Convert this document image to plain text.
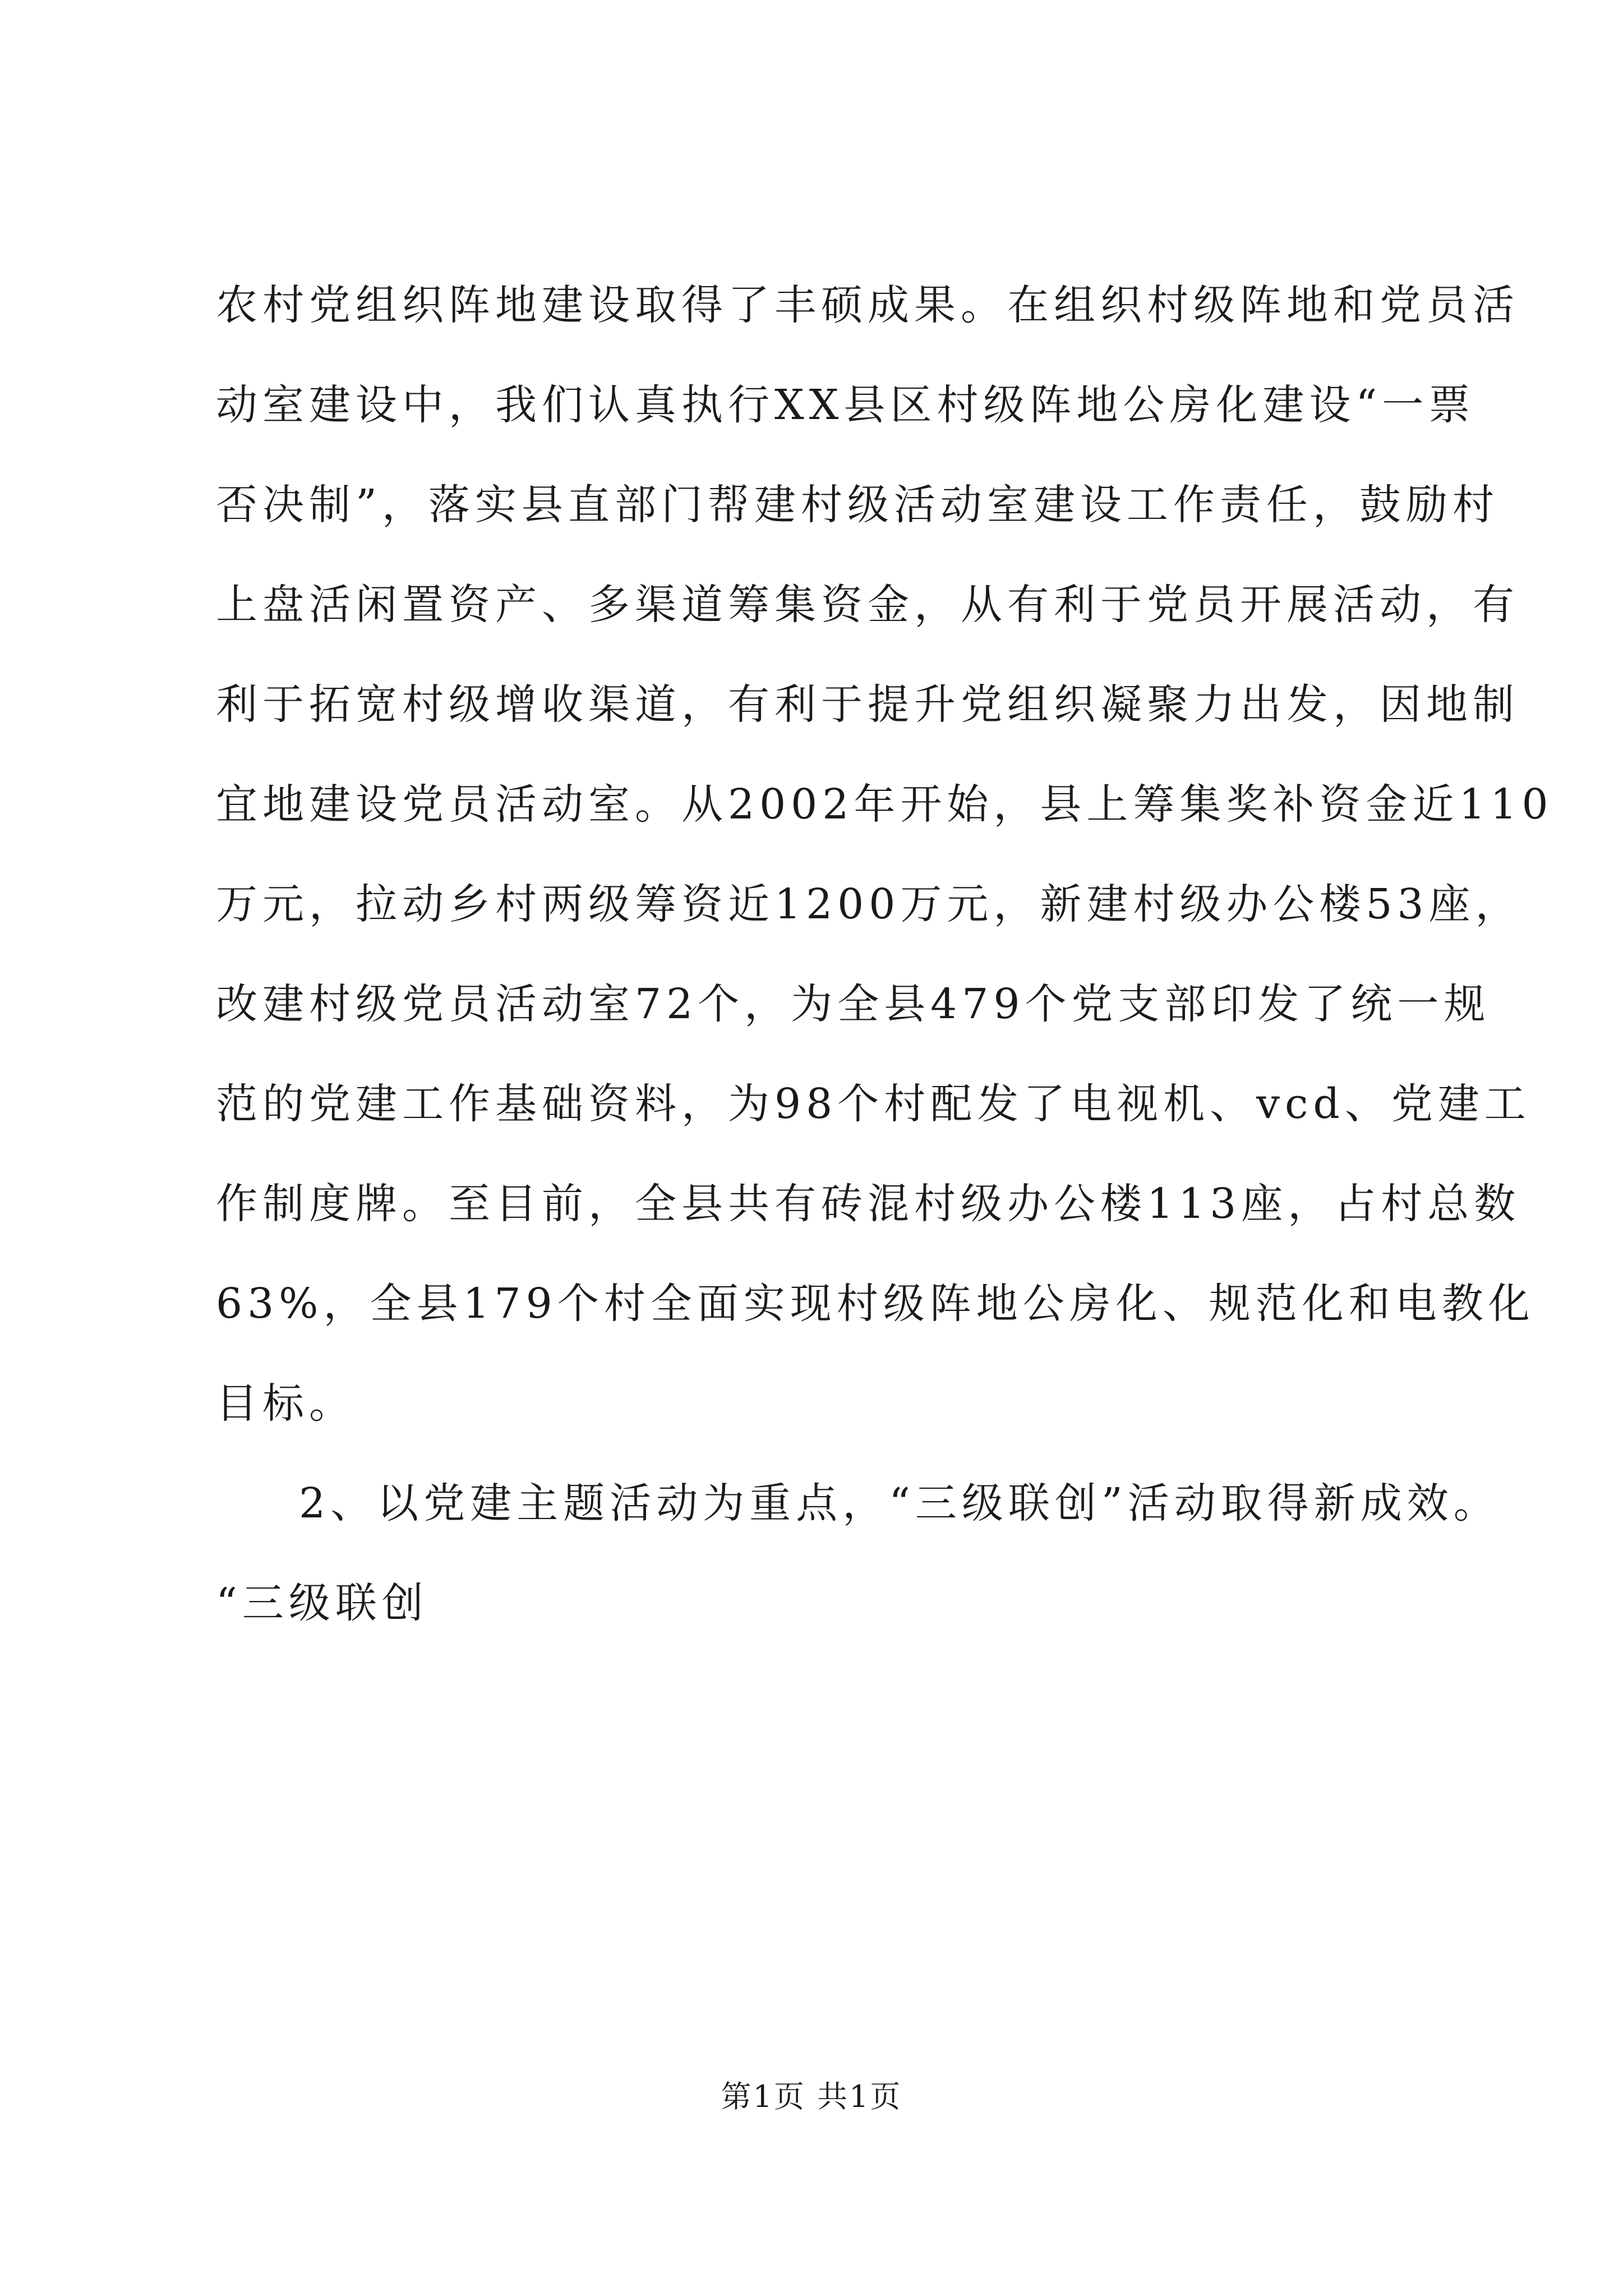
农村党组织阵地建设取得了丰硕成果。在组织村级阵地和党员活
动室建设中，我们认真执行XX县区村级阵地公房化建设“一票
否决制”，落实县直部门帮建村级活动室建设工作责任，鼓励村
上盘活闲置资产、多渠道筹集资金，从有利于党员开展活动，有
利于拓宽村级增收渠道，有利于提升党组织凝聚力出发，因地制
宜地建设党员活动室。从2002年开始，县上筹集奖补资金近110
万元，拉动乡村两级筹资近1200万元，新建村级办公楼53座，
改建村级党员活动室72个，为全县479个党支部印发了统一规
范的党建工作基础资料，为98个村配发了电视机、vcd、党建工
作制度牌。至目前，全县共有砖混村级办公楼113座，占村总数
63%，全县179个村全面实现村级阵地公房化、规范化和电教化
目标。
2、以党建主题活动为重点，“三级联创”活动取得新成效。
“三级联创
第1页 共1页
